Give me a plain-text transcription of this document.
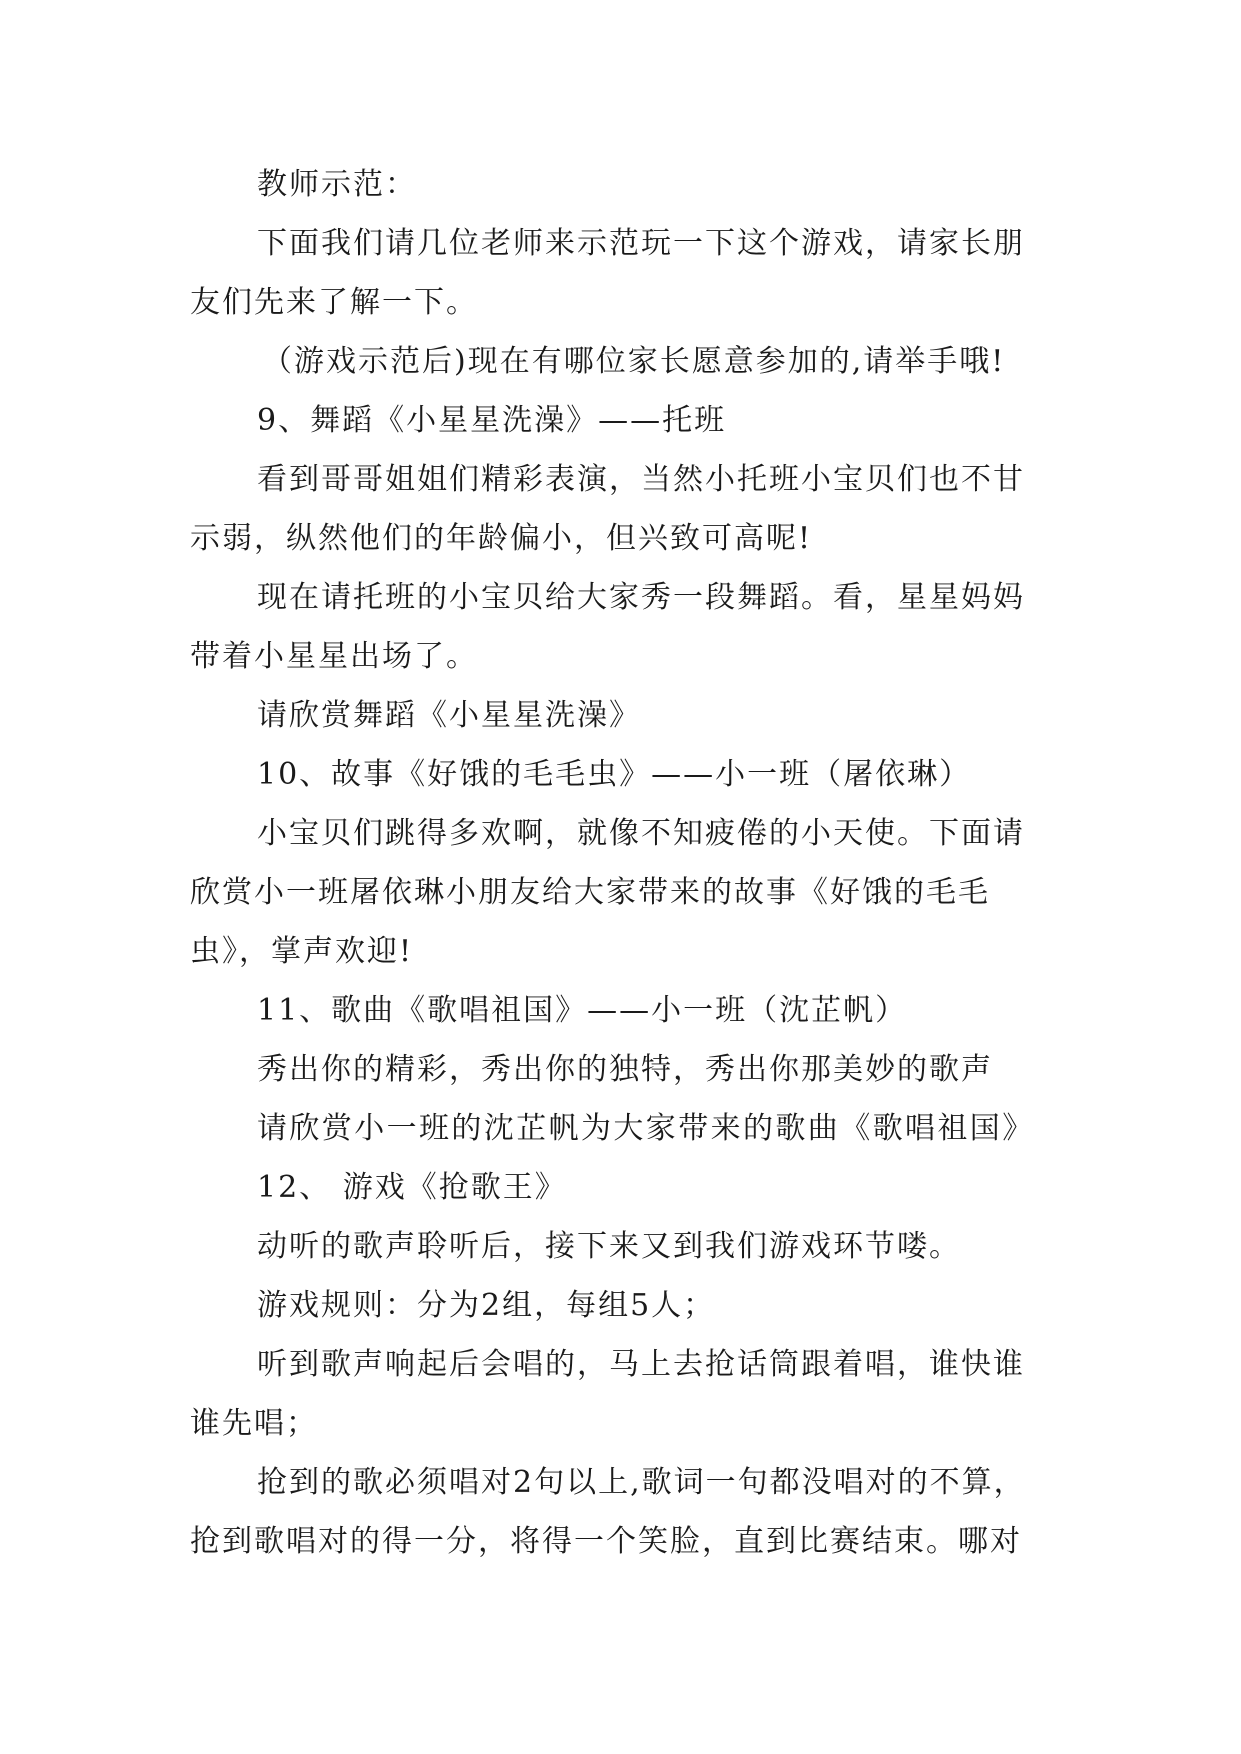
教师示范：
下面我们请几位老师来示范玩一下这个游戏，请家长朋
友们先来了解一下。
（游戏示范后)现在有哪位家长愿意参加的,请举手哦!
9、舞蹈《小星星洗澡》——托班
看到哥哥姐姐们精彩表演，当然小托班小宝贝们也不甘
示弱，纵然他们的年龄偏小，但兴致可高呢!
现在请托班的小宝贝给大家秀一段舞蹈。看，星星妈妈
带着小星星出场了。
请欣赏舞蹈《小星星洗澡》
10、故事《好饿的毛毛虫》——小一班（屠依琳）
小宝贝们跳得多欢啊，就像不知疲倦的小天使。下面请
欣赏小一班屠依琳小朋友给大家带来的故事《好饿的毛毛
虫》，掌声欢迎!
11、歌曲《歌唱祖国》——小一班（沈芷帆）
秀出你的精彩，秀出你的独特，秀出你那美妙的歌声
请欣赏小一班的沈芷帆为大家带来的歌曲《歌唱祖国》
12、 游戏《抢歌王》
动听的歌声聆听后，接下来又到我们游戏环节喽。
游戏规则：分为2组，每组5人；
听到歌声响起后会唱的，马上去抢话筒跟着唱，谁快谁
谁先唱；
抢到的歌必须唱对2句以上,歌词一句都没唱对的不算，
抢到歌唱对的得一分，将得一个笑脸，直到比赛结束。哪对
